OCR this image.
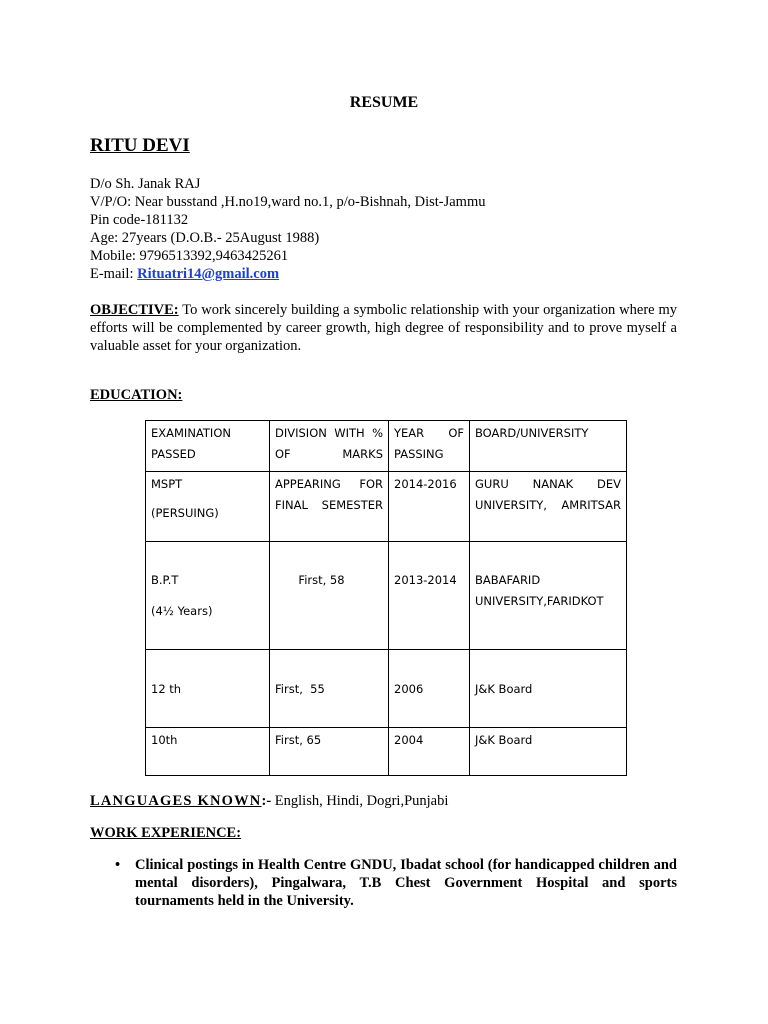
RESUME
RITU DEVI
D/o Sh. Janak RAJ
V/P/O: Near busstand ,H.no19,ward no.1, p/o-Bishnah, Dist-Jammu
Pin code-181132
Age: 27years (D.O.B.- 25August 1988)
Mobile: 9796513392,9463425261
E-mail: Rituatri14@gmail.com

OBJECTIVE: To work sincerely building a symbolic relationship with your organization where my efforts will be complemented by career growth, high degree of responsibility and to prove myself a valuable asset for your organization.

EDUCATION:
EXAMINATION PASSED	DIVISION WITH % OF MARKS	YEAR OF PASSING	BOARD/UNIVERSITY

MSPT
(PERSUING)	APPEARING FOR FINAL SEMESTER	2014-2016	GURU NANAK DEV UNIVERSITY, AMRITSAR

B.P.T
(4½ Years)	First, 58	2013-2014	BABAFARID UNIVERSITY,FARIDKOT
12 th	First,  55	2006	J&K Board
10th	First, 65	2004	J&K Board
LANGUAGES KNOWN:- English, Hindi, Dogri,Punjabi
WORK EXPERIENCE:
• Clinical postings in Health Centre GNDU, Ibadat school (for handicapped children and mental disorders), Pingalwara, T.B Chest Government Hospital and sports tournaments held in the University.
